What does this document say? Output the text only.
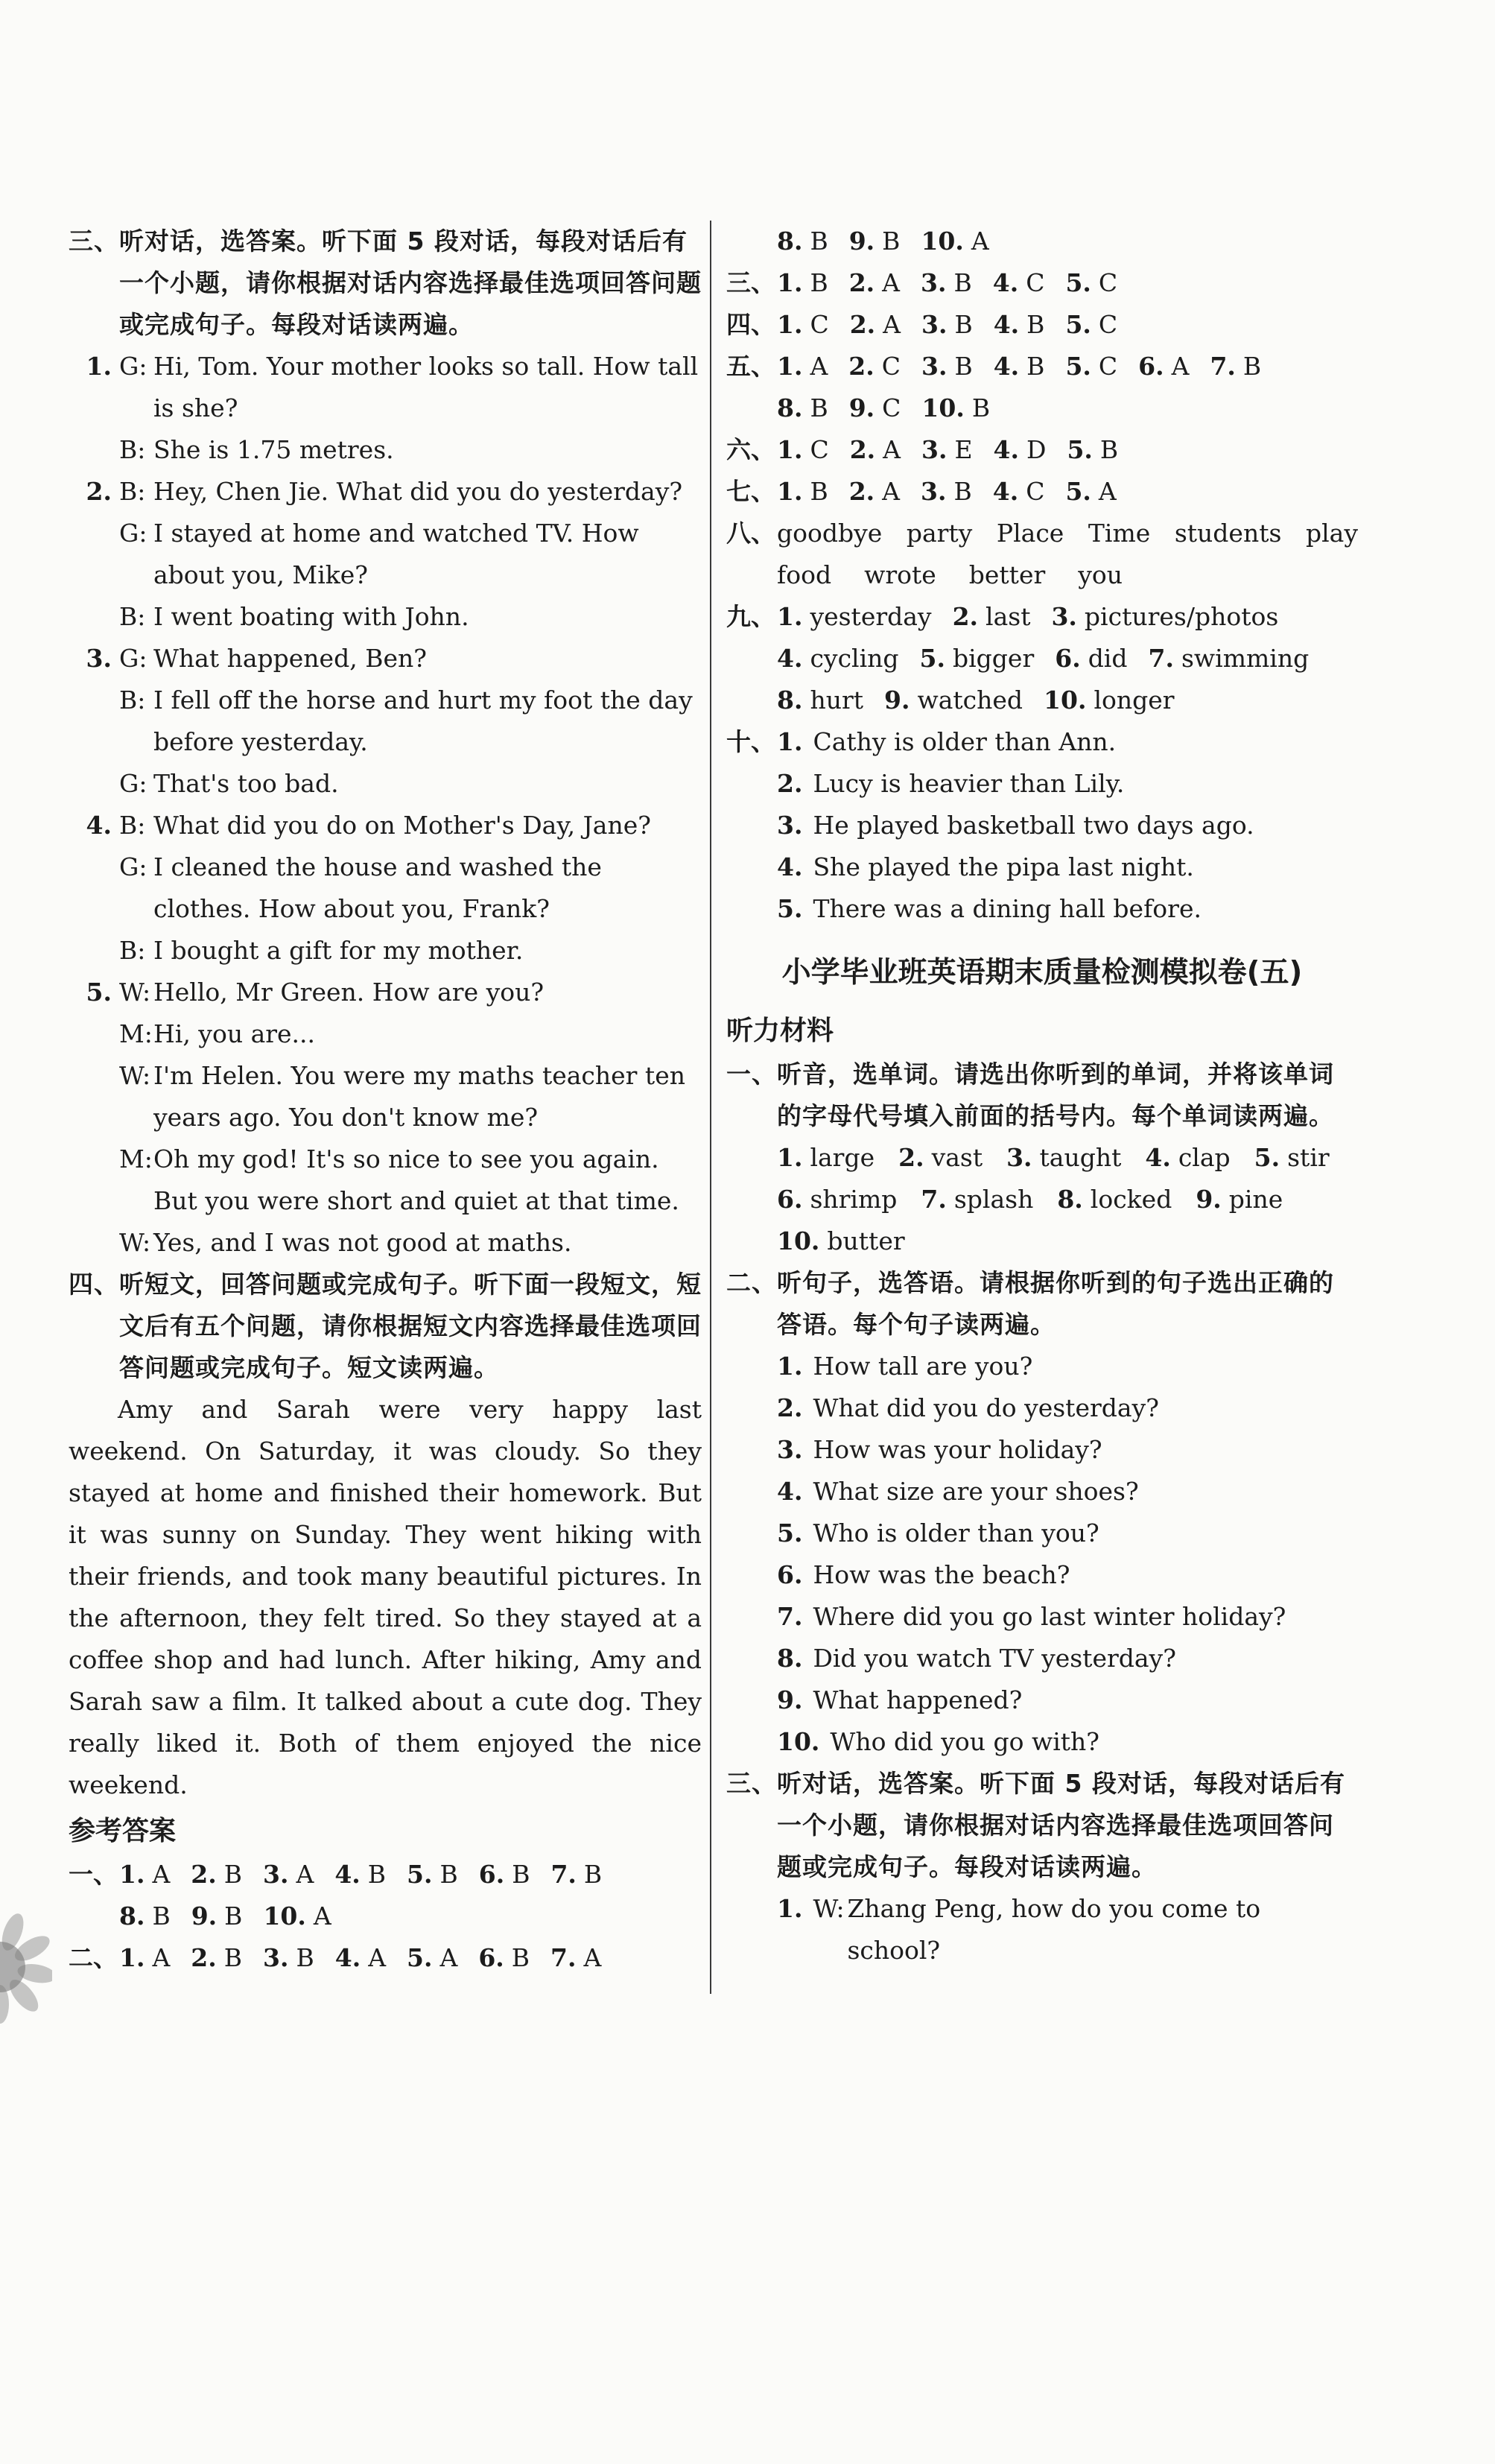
三、听对话，选答案。听下面 5 段对话，每段对话后有一个小题，请你根据对话内容选择最佳选项回答问题或完成句子。每段对话读两遍。
1. G: Hi, Tom. Your mother looks so tall. How tall is she?
B: She is 1.75 metres.
2. B: Hey, Chen Jie. What did you do yesterday?
G: I stayed at home and watched TV. How about you, Mike?
B: I went boating with John.
3. G: What happened, Ben?
B: I fell off the horse and hurt my foot the day before yesterday.
G: That's too bad.
4. B: What did you do on Mother's Day, Jane?
G: I cleaned the house and washed the clothes. How about you, Frank?
B: I bought a gift for my mother.
5. W: Hello, Mr Green. How are you?
M: Hi, you are...
W: I'm Helen. You were my maths teacher ten years ago. You don't know me?
M: Oh my god! It's so nice to see you again. But you were short and quiet at that time.
W: Yes, and I was not good at maths.
四、听短文，回答问题或完成句子。听下面一段短文，短文后有五个问题，请你根据短文内容选择最佳选项回答问题或完成句子。短文读两遍。
Amy and Sarah were very happy last weekend. On Saturday, it was cloudy. So they stayed at home and finished their homework. But it was sunny on Sunday. They went hiking with their friends, and took many beautiful pictures. In the afternoon, they felt tired. So they stayed at a coffee shop and had lunch. After hiking, Amy and Sarah saw a film. It talked about a cute dog. They really liked it. Both of them enjoyed the nice weekend.
参考答案
一、 1. A 2. B 3. A 4. B 5. B 6. B 7. B
8. B 9. B 10. A
二、 1. A 2. B 3. B 4. A 5. A 6. B 7. A
8. B 9. B 10. A
三、 1. B 2. A 3. B 4. C 5. C
四、 1. C 2. A 3. B 4. B 5. C
五、 1. A 2. C 3. B 4. B 5. C 6. A 7. B
8. B 9. C 10. B
六、 1. C 2. A 3. E 4. D 5. B
七、 1. B 2. A 3. B 4. C 5. A
八、 goodbye party Place Time students play
food wrote better you
九、 1. yesterday 2. last 3. pictures/photos
4. cycling 5. bigger 6. did 7. swimming
8. hurt 9. watched 10. longer
十、 1. Cathy is older than Ann.
2. Lucy is heavier than Lily.
3. He played basketball two days ago.
4. She played the pipa last night.
5. There was a dining hall before.
小学毕业班英语期末质量检测模拟卷(五)
听力材料
一、听音，选单词。请选出你听到的单词，并将该单词的字母代号填入前面的括号内。每个单词读两遍。
1. large 2. vast 3. taught 4. clap 5. stir
6. shrimp 7. splash 8. locked 9. pine
10. butter
二、听句子，选答语。请根据你听到的句子选出正确的答语。每个句子读两遍。
1. How tall are you?
2. What did you do yesterday?
3. How was your holiday?
4. What size are your shoes?
5. Who is older than you?
6. How was the beach?
7. Where did you go last winter holiday?
8. Did you watch TV yesterday?
9. What happened?
10. Who did you go with?
三、听对话，选答案。听下面 5 段对话，每段对话后有一个小题，请你根据对话内容选择最佳选项回答问题或完成句子。每段对话读两遍。
1. W: Zhang Peng, how do you come to school?
